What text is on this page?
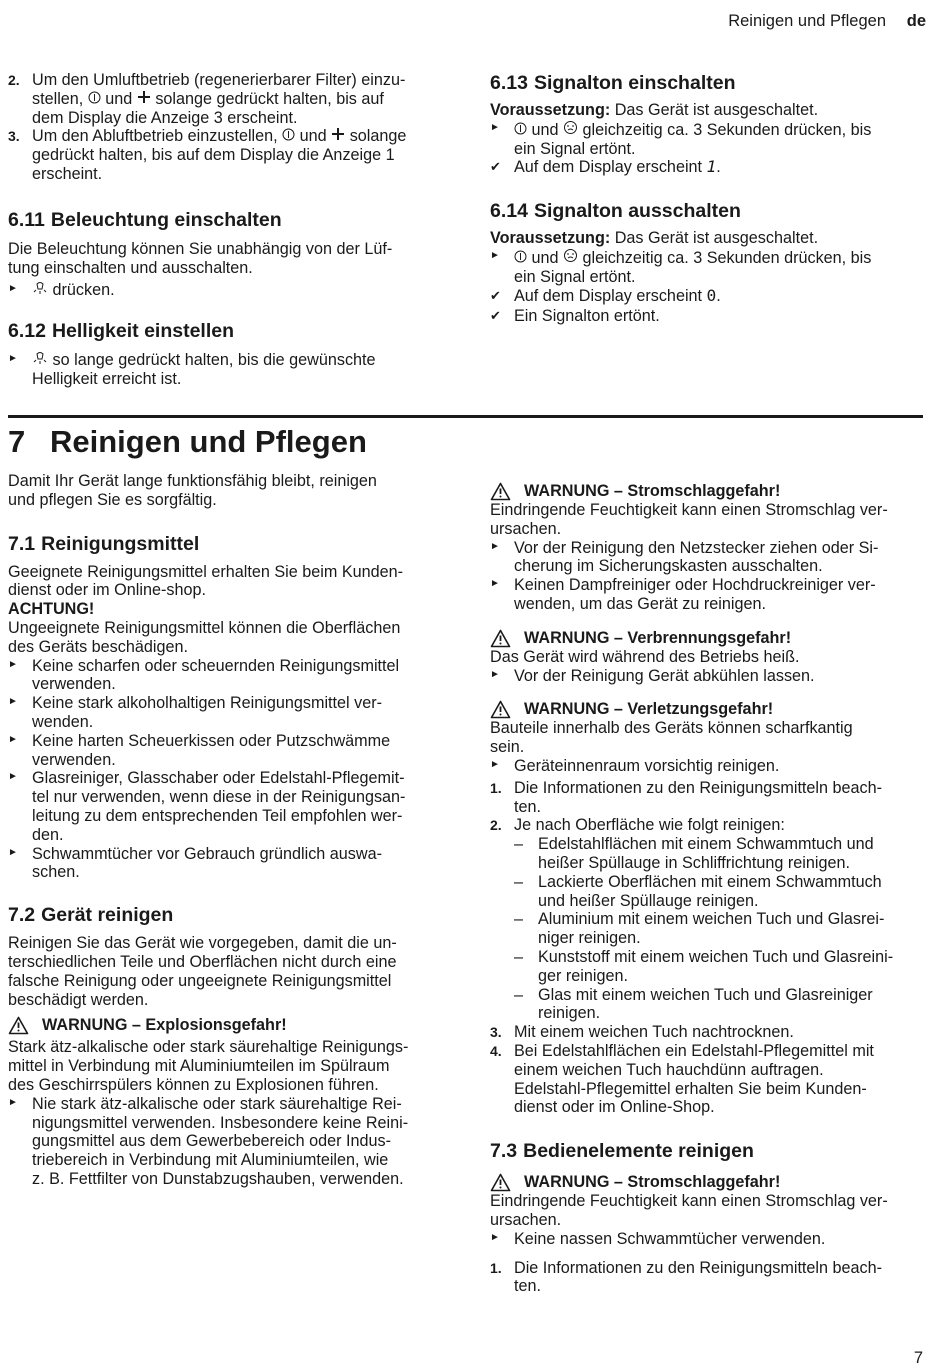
Reinigen und Pflegen de
2. Um den Umluftbetrieb (regenerierbarer Filter) einzu-
stellen, und solange gedrückt halten, bis auf
dem Display die Anzeige 3 erscheint.
3. Um den Abluftbetrieb einzustellen, und solange
gedrückt halten, bis auf dem Display die Anzeige 1
erscheint.
6.11 Beleuchtung einschalten

Die Beleuchtung können Sie unabhängig von der Lüf-

tung einschalten und ausschalten.

►	drücken.
6.12 Helligkeit einstellen
►	so lange gedrückt halten, bis die gewünschte
Helligkeit erreicht ist.
6.13 Signalton einschalten

Voraussetzung: Das Gerät ist ausgeschaltet.

►	und gleichzeitig ca. 3 Sekunden drücken, bis
ein Signal ertönt.
✔ Auf dem Display erscheint 1.
6.14 Signalton ausschalten

Voraussetzung: Das Gerät ist ausgeschaltet.

►	und gleichzeitig ca. 3 Sekunden drücken, bis
ein Signal ertönt.
✔ Auf dem Display erscheint 0.
✔ Ein Signalton ertönt.
7 Reinigen und Pflegen
Damit Ihr Gerät lange funktionsfähig bleibt, reinigen
und pflegen Sie es sorgfältig.
7.1 Reinigungsmittel
Geeignete Reinigungsmittel erhalten Sie beim Kunden-
dienst oder im Online-shop.

ACHTUNG!

Ungeeignete Reinigungsmittel können die Oberflächen
des Geräts beschädigen.
► Keine scharfen oder scheuernden Reinigungsmittel
verwenden.
► Keine stark alkoholhaltigen Reinigungsmittel ver-
wenden.
► Keine harten Scheuerkissen oder Putzschwämme
verwenden.
► Glasreiniger, Glasschaber oder Edelstahl-Pflegemit-
tel nur verwenden, wenn diese in der Reinigungsan-
leitung zu dem entsprechenden Teil empfohlen wer-
den.
► Schwammtücher vor Gebrauch gründlich auswa-
schen.
7.2 Gerät reinigen
Reinigen Sie das Gerät wie vorgegeben, damit die un-
terschiedlichen Teile und Oberflächen nicht durch eine
falsche Reinigung oder ungeeignete Reinigungsmittel
beschädigt werden.
WARNUNG – Explosionsgefahr!
Stark ätz-alkalische oder stark säurehaltige Reinigungs-
mittel in Verbindung mit Aluminiumteilen im Spülraum
des Geschirrspülers können zu Explosionen führen.
► Nie stark ätz-alkalische oder stark säurehaltige Rei-
nigungsmittel verwenden. Insbesondere keine Reini-
gungsmittel aus dem Gewerbebereich oder Indus-
triebereich in Verbindung mit Aluminiumteilen, wie
z. B. Fettfilter von Dunstabzugshauben, verwenden.
WARNUNG – Stromschlaggefahr!
Eindringende Feuchtigkeit kann einen Stromschlag ver-
ursachen.
► Vor der Reinigung den Netzstecker ziehen oder Si-
cherung im Sicherungskasten ausschalten.
► Keinen Dampfreiniger oder Hochdruckreiniger ver-
wenden, um das Gerät zu reinigen.
WARNUNG – Verbrennungsgefahr!
Das Gerät wird während des Betriebs heiß.
► Vor der Reinigung Gerät abkühlen lassen.
WARNUNG – Verletzungsgefahr!
Bauteile innerhalb des Geräts können scharfkantig
sein.
► Geräteinnenraum vorsichtig reinigen.
1. Die Informationen zu den Reinigungsmitteln beach-
ten.
2. Je nach Oberfläche wie folgt reinigen:
– Edelstahlflächen mit einem Schwammtuch und
heißer Spüllauge in Schliffrichtung reinigen.
– Lackierte Oberflächen mit einem Schwammtuch
und heißer Spüllauge reinigen.
– Aluminium mit einem weichen Tuch und Glasrei-
niger reinigen.
– Kunststoff mit einem weichen Tuch und Glasreini-
ger reinigen.
– Glas mit einem weichen Tuch und Glasreiniger
reinigen.
3. Mit einem weichen Tuch nachtrocknen.
4. Bei Edelstahlflächen ein Edelstahl-Pflegemittel mit
einem weichen Tuch hauchdünn auftragen.
Edelstahl-Pflegemittel erhalten Sie beim Kunden-
dienst oder im Online-Shop.
7.3 Bedienelemente reinigen
WARNUNG – Stromschlaggefahr!
Eindringende Feuchtigkeit kann einen Stromschlag ver-
ursachen.
► Keine nassen Schwammtücher verwenden.
1. Die Informationen zu den Reinigungsmitteln beach-
ten.
7
